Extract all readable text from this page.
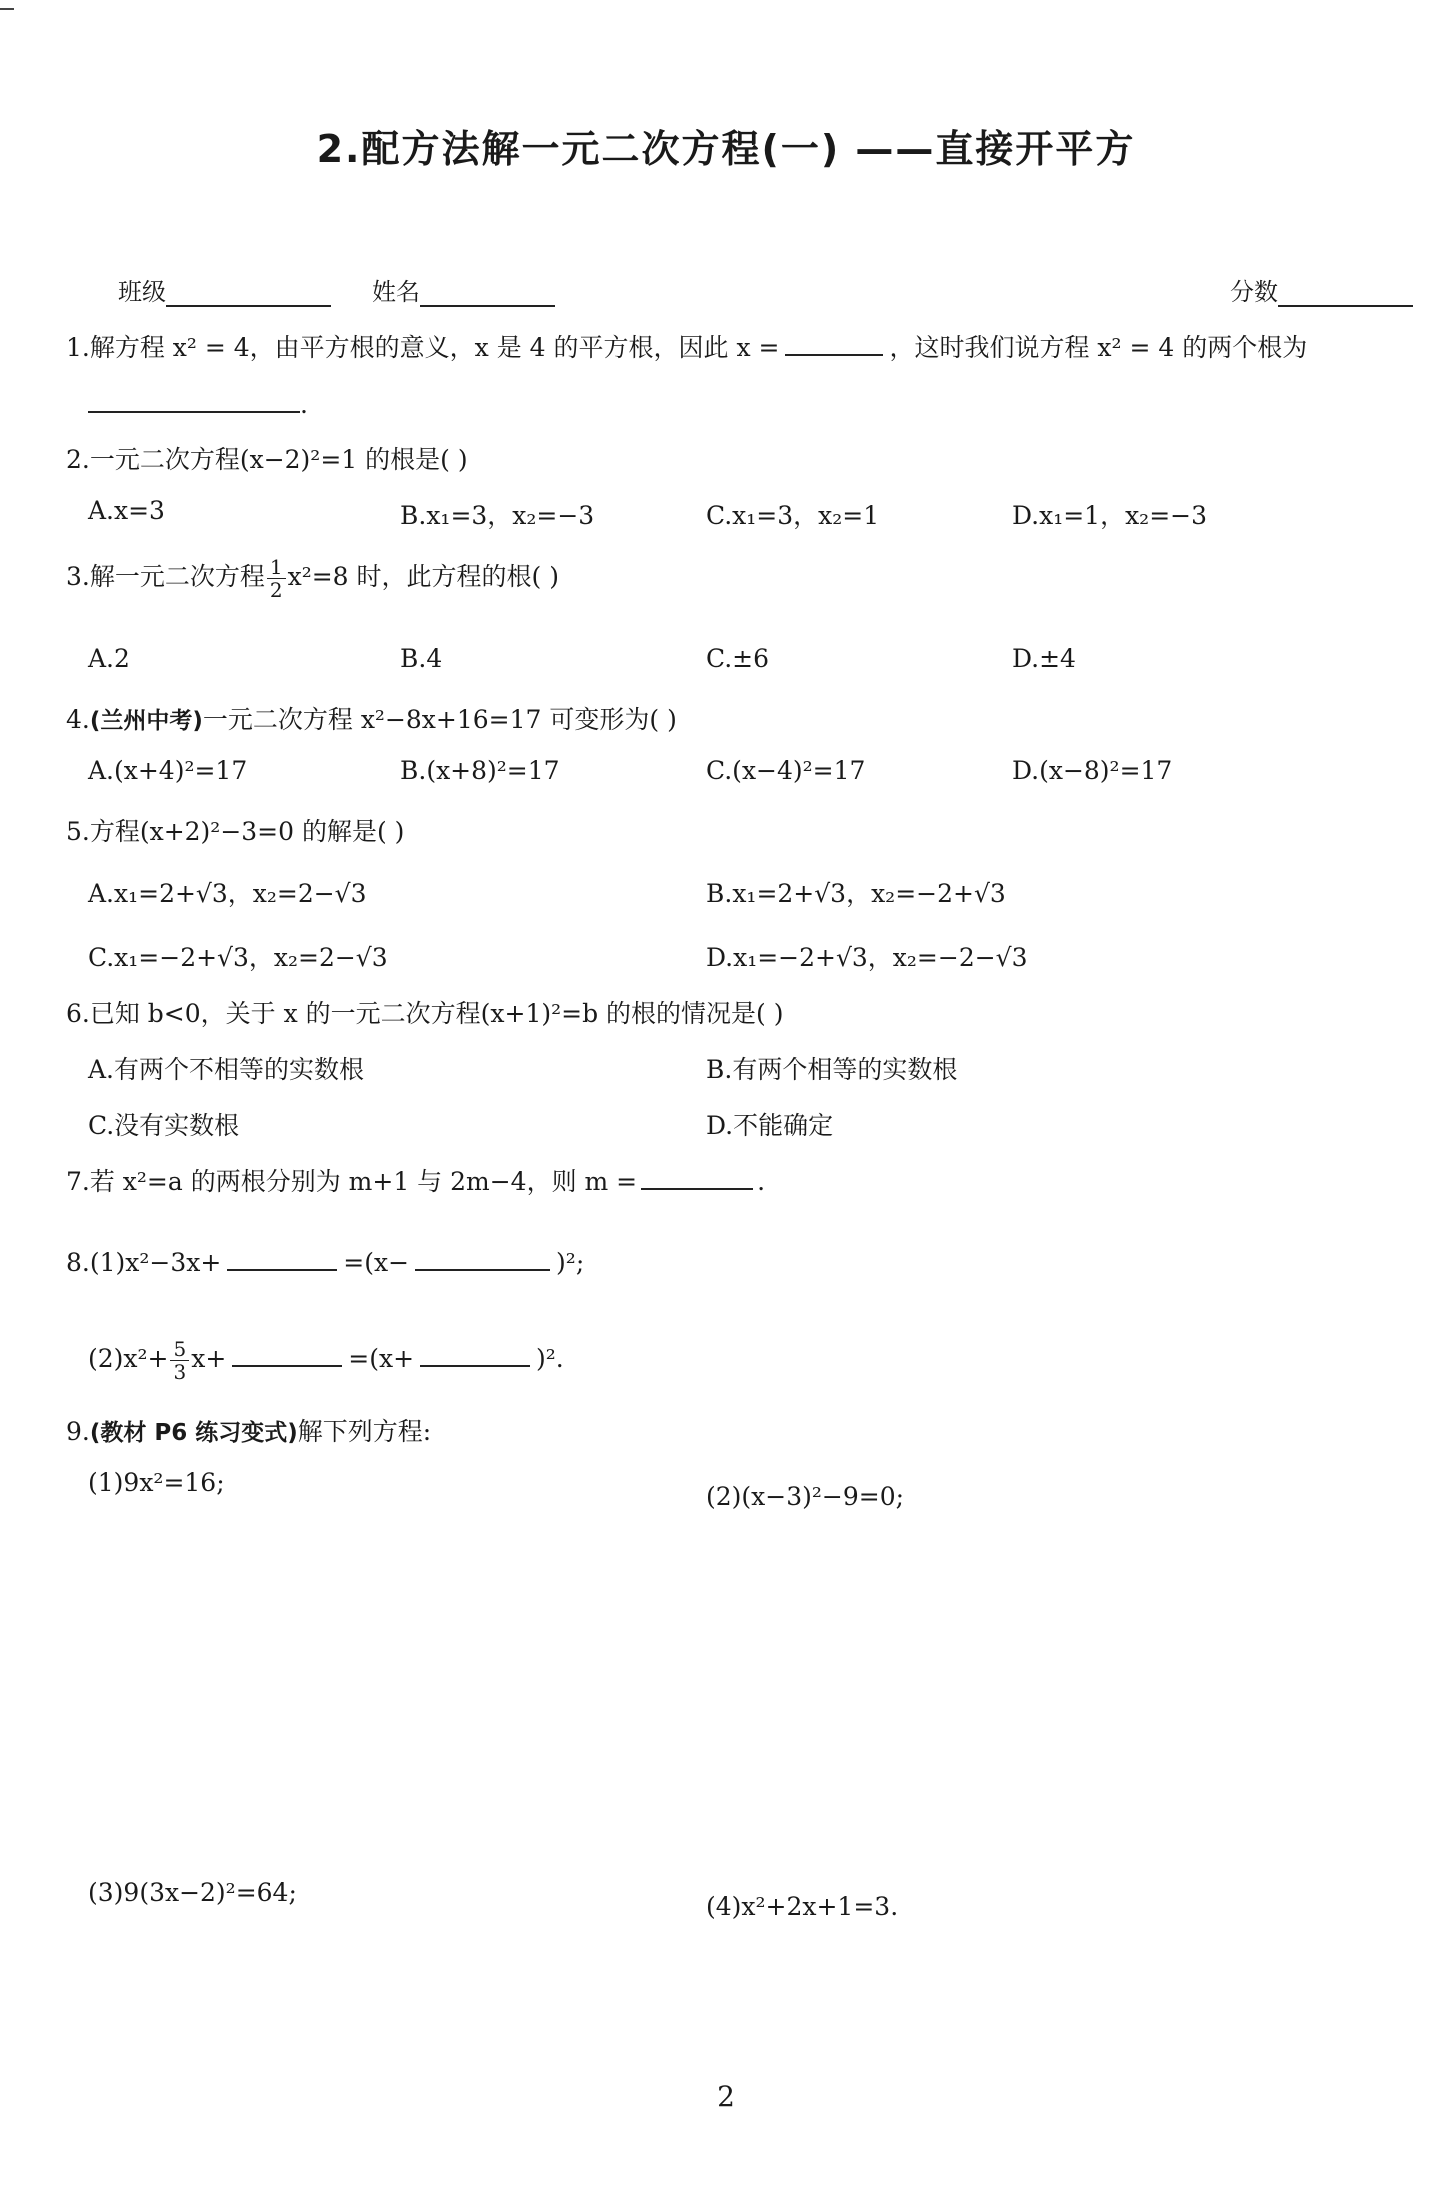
2.配方法解一元二次方程(一) ——直接开平方
班级	姓名	分数
1.解方程 x² = 4，由平方根的意义，x 是 4 的平方根，因此 x =	，这时我们说方程 x² = 4 的两个根为
.
2.一元二次方程(x−2)²=1 的根是( )
A.x=3	B.x₁=3，x₂=−3	C.x₁=3，x₂=1	D.x₁=1，x₂=−3
3.解一元二次方程 $\frac{1}{2} x^2=8$ 时，此方程的根( )
A.2	B.4	C.±6	D.±4
4.(兰州中考)一元二次方程 x²−8x+16=17 可变形为( )
A.(x+4)²=17	B.(x+8)²=17	C.(x−4)²=17	D.(x−8)²=17
5.方程(x+2)²−3=0 的解是( )
A.x₁=2+√3，x₂=2−√3	B.x₁=2+√3，x₂=−2+√3
C.x₁=−2+√3，x₂=2−√3	D.x₁=−2+√3，x₂=−2−√3
6.已知 b<0，关于 x 的一元二次方程(x+1)²=b 的根的情况是( )
A.有两个不相等的实数根	B.有两个相等的实数根
C.没有实数根	D.不能确定
7.若 x²=a 的两根分别为 m+1 与 2m−4，则 m =	.
8.(1)x²−3x+	=(x−	)²;
$(2)x^2+ \frac{5}{3} x+$	=(x+	)².
9.(教材 P6 练习变式)解下列方程:
(1)9x²=16;	(2)(x−3)²−9=0;
(3)9(3x−2)²=64;	(4)x²+2x+1=3.
2
